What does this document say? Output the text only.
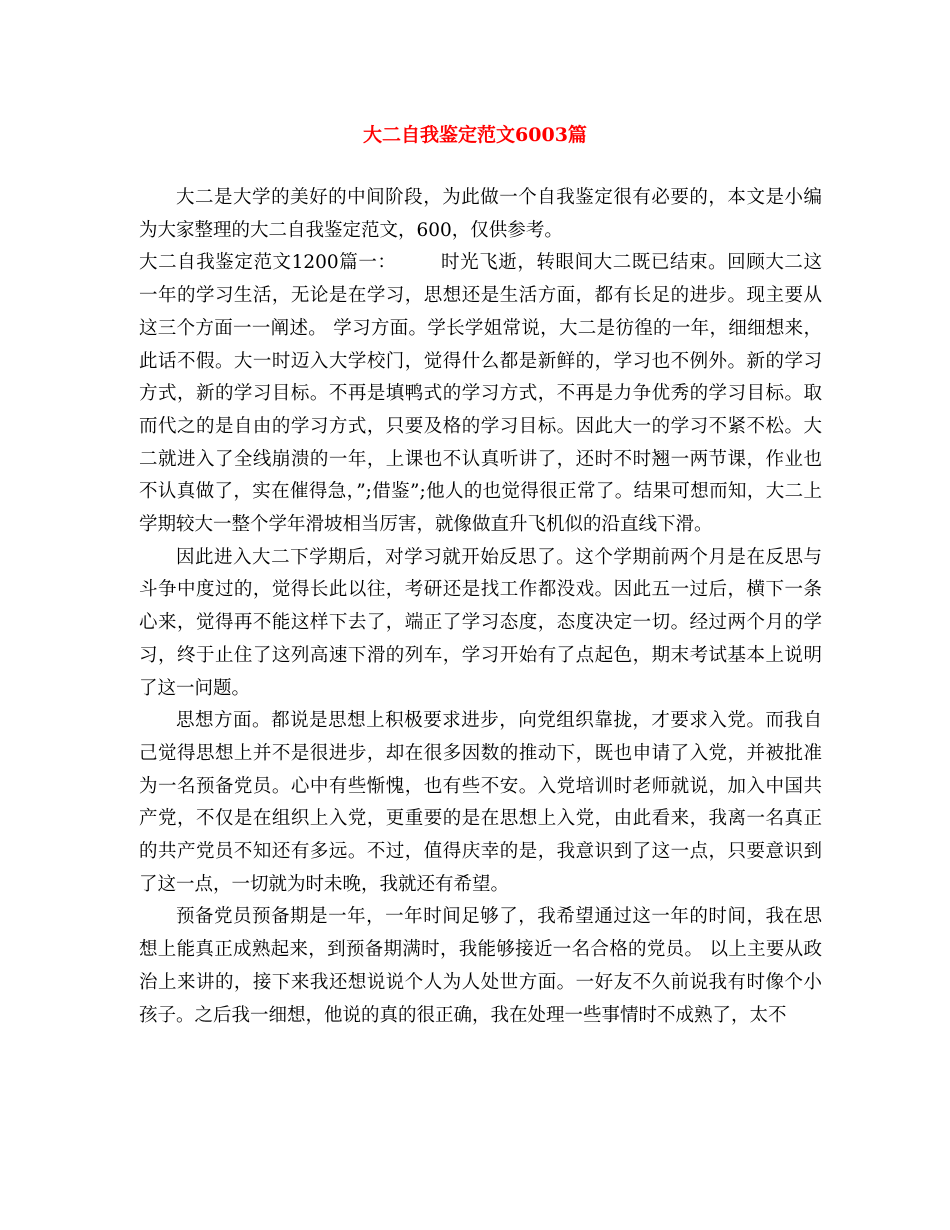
大二自我鉴定范文6003篇

大二是大学的美好的中间阶段，为此做一个自我鉴定很有必要的，本文是小编为大家整理的大二自我鉴定范文，600，仅供参考。

大二自我鉴定范文1200篇一： 时光飞逝，转眼间大二既已结束。回顾大二这一年的学习生活，无论是在学习，思想还是生活方面，都有长足的进步。现主要从这三个方面一一阐述。 学习方面。学长学姐常说，大二是彷徨的一年，细细想来，此话不假。大一时迈入大学校门，觉得什么都是新鲜的，学习也不例外。新的学习方式，新的学习目标。不再是填鸭式的学习方式，不再是力争优秀的学习目标。取而代之的是自由的学习方式，只要及格的学习目标。因此大一的学习不紧不松。大二就进入了全线崩溃的一年，上课也不认真听讲了，还时不时翘一两节课，作业也不认真做了，实在催得急，”;借鉴”;他人的也觉得很正常了。结果可想而知，大二上学期较大一整个学年滑坡相当厉害，就像做直升飞机似的沿直线下滑。

因此进入大二下学期后，对学习就开始反思了。这个学期前两个月是在反思与斗争中度过的，觉得长此以往，考研还是找工作都没戏。因此五一过后，横下一条心来，觉得再不能这样下去了，端正了学习态度，态度决定一切。经过两个月的学习，终于止住了这列高速下滑的列车，学习开始有了点起色，期末考试基本上说明了这一问题。

思想方面。都说是思想上积极要求进步，向党组织靠拢，才要求入党。而我自己觉得思想上并不是很进步，却在很多因数的推动下，既也申请了入党，并被批准为一名预备党员。心中有些惭愧，也有些不安。入党培训时老师就说，加入中国共产党，不仅是在组织上入党，更重要的是在思想上入党，由此看来，我离一名真正的共产党员不知还有多远。不过，值得庆幸的是，我意识到了这一点，只要意识到了这一点，一切就为时未晚，我就还有希望。

预备党员预备期是一年，一年时间足够了，我希望通过这一年的时间，我在思想上能真正成熟起来，到预备期满时，我能够接近一名合格的党员。 以上主要从政治上来讲的，接下来我还想说说个人为人处世方面。一好友不久前说我有时像个小孩子。之后我一细想，他说的真的很正确，我在处理一些事情时不成熟了，太不
